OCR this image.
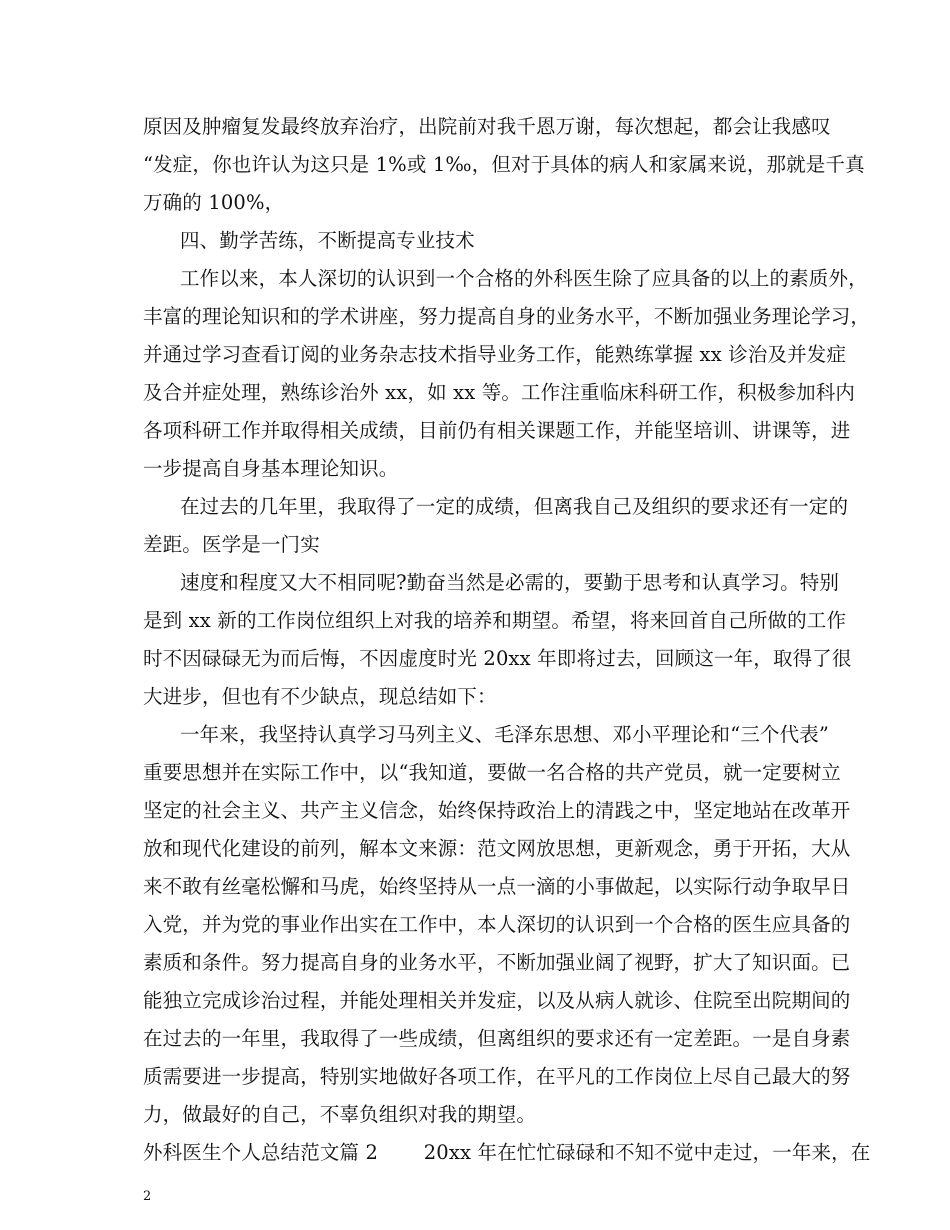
原因及肿瘤复发最终放弃治疗，出院前对我千恩万谢，每次想起，都会让我感叹
“发症，你也许认为这只是 1%或 1‰，但对于具体的病人和家属来说，那就是千真
万确的 100%，
四、勤学苦练，不断提高专业技术
工作以来，本人深切的认识到一个合格的外科医生除了应具备的以上的素质外，
丰富的理论知识和的学术讲座，努力提高自身的业务水平，不断加强业务理论学习，
并通过学习查看订阅的业务杂志技术指导业务工作，能熟练掌握 xx 诊治及并发症
及合并症处理，熟练诊治外 xx，如 xx 等。工作注重临床科研工作，积极参加科内
各项科研工作并取得相关成绩，目前仍有相关课题工作，并能坚培训、讲课等，进
一步提高自身基本理论知识。
在过去的几年里，我取得了一定的成绩，但离我自己及组织的要求还有一定的
差距。医学是一门实
速度和程度又大不相同呢?勤奋当然是必需的，要勤于思考和认真学习。特别
是到 xx 新的工作岗位组织上对我的培养和期望。希望，将来回首自己所做的工作
时不因碌碌无为而后悔，不因虚度时光 20xx 年即将过去，回顾这一年，取得了很
大进步，但也有不少缺点，现总结如下：
一年来，我坚持认真学习马列主义、毛泽东思想、邓小平理论和“三个代表”
重要思想并在实际工作中，以“我知道，要做一名合格的共产党员，就一定要树立
坚定的社会主义、共产主义信念，始终保持政治上的清践之中，坚定地站在改革开
放和现代化建设的前列，解本文来源：范文网放思想，更新观念，勇于开拓，大从
来不敢有丝毫松懈和马虎，始终坚持从一点一滴的小事做起，以实际行动争取早日
入党，并为党的事业作出实在工作中，本人深切的认识到一个合格的医生应具备的
素质和条件。努力提高自身的业务水平，不断加强业阔了视野，扩大了知识面。已
能独立完成诊治过程，并能处理相关并发症，以及从病人就诊、住院至出院期间的
在过去的一年里，我取得了一些成绩，但离组织的要求还有一定差距。一是自身素
质需要进一步提高，特别实地做好各项工作，在平凡的工作岗位上尽自己最大的努
力，做最好的自己，不辜负组织对我的期望。
外科医生个人总结范文篇 2　　 20xx 年在忙忙碌碌和不知不觉中走过，一年来，在
2
